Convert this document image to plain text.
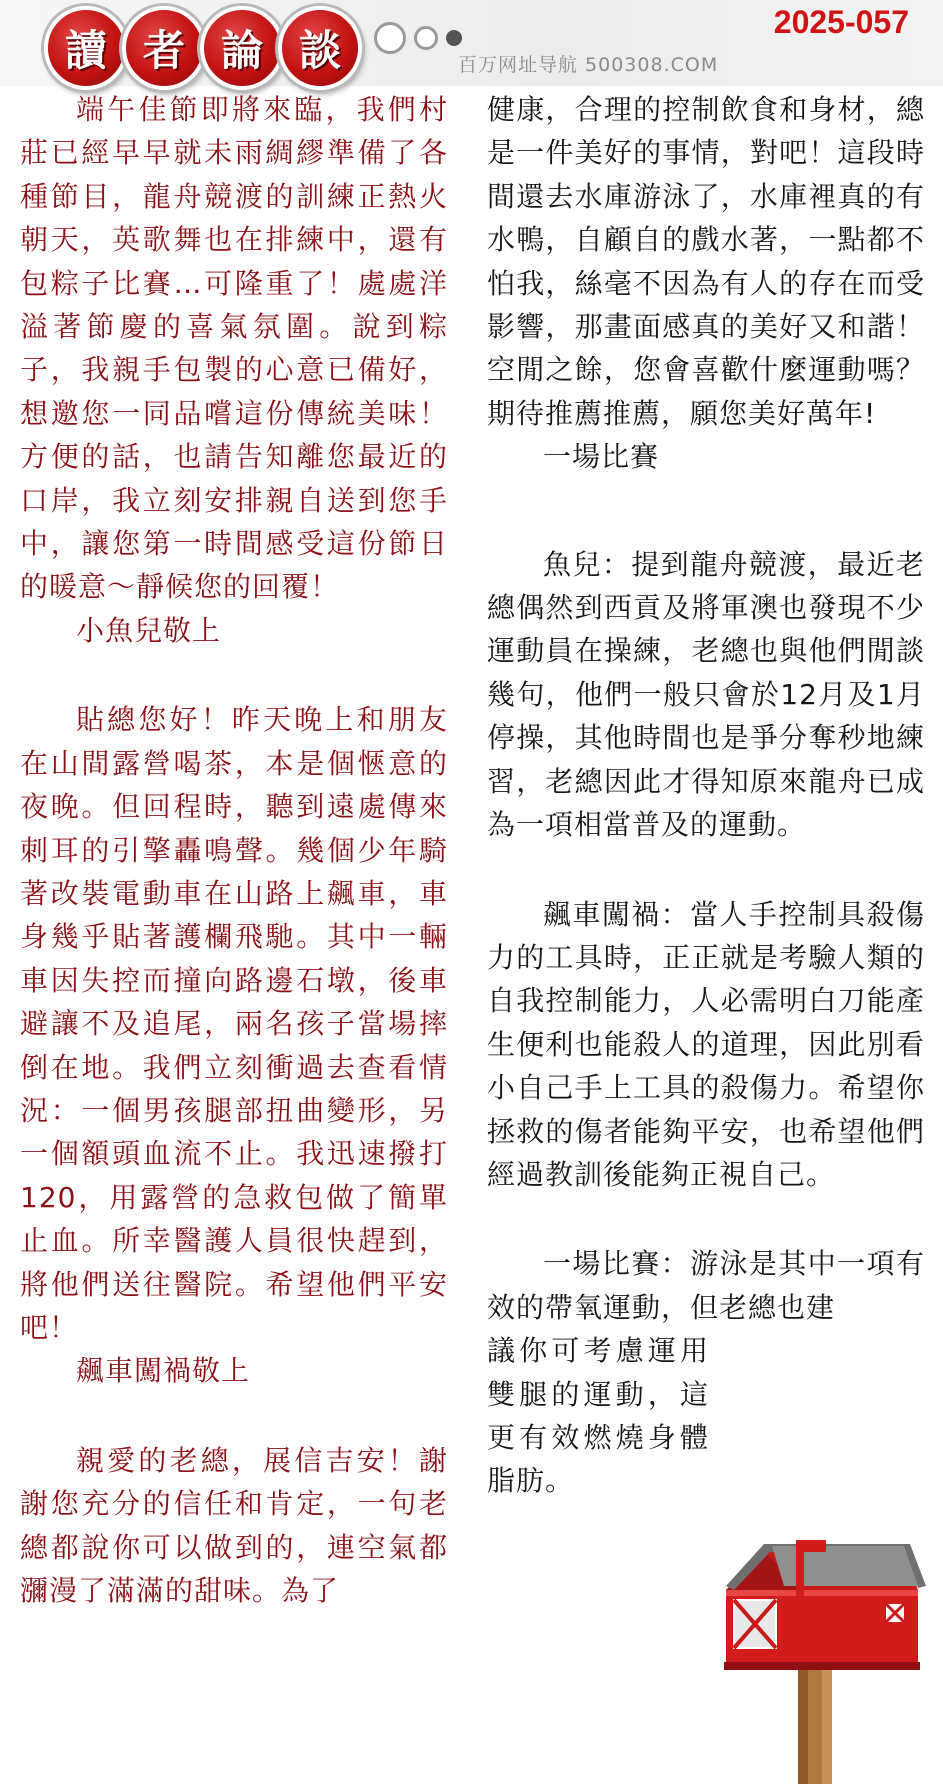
讀 者 論 談
2025-057
百万网址导航 500308.COM

端午佳節即將來臨，我們村莊已經早早就未雨綢繆準備了各種節目，龍舟競渡的訓練正熱火朝天，英歌舞也在排練中，還有包粽子比賽…可隆重了！處處洋溢著節慶的喜氣氛圍。說到粽子，我親手包製的心意已備好，想邀您一同品嚐這份傳統美味！方便的話，也請告知離您最近的口岸，我立刻安排親自送到您手中，讓您第一時間感受這份節日的暖意～靜候您的回覆！

小魚兒敬上

貼總您好！昨天晚上和朋友在山間露營喝茶，本是個愜意的夜晚。但回程時，聽到遠處傳來刺耳的引擎轟鳴聲。幾個少年騎著改裝電動車在山路上飆車，車身幾乎貼著護欄飛馳。其中一輛車因失控而撞向路邊石墩，後車避讓不及追尾，兩名孩子當場摔倒在地。我們立刻衝過去查看情況：一個男孩腿部扭曲變形，另一個額頭血流不止。我迅速撥打120，用露營的急救包做了簡單止血。所幸醫護人員很快趕到，將他們送往醫院。希望他們平安吧！

飆車闖禍敬上

親愛的老總，展信吉安！謝謝您充分的信任和肯定，一句老總都說你可以做到的，連空氣都瀰漫了滿滿的甜味。為了

健康，合理的控制飲食和身材，總是一件美好的事情，對吧！這段時間還去水庫游泳了，水庫裡真的有水鴨，自顧自的戲水著，一點都不怕我，絲毫不因為有人的存在而受影響，那畫面感真的美好又和諧！空閒之餘，您會喜歡什麼運動嗎？期待推薦推薦，願您美好萬年!

一場比賽

魚兒：提到龍舟競渡，最近老總偶然到西貢及將軍澳也發現不少運動員在操練，老總也與他們閒談幾句，他們一般只會於12月及1月停操，其他時間也是爭分奪秒地練習，老總因此才得知原來龍舟已成為一項相當普及的運動。

飆車闖禍：當人手控制具殺傷力的工具時，正正就是考驗人類的自我控制能力，人必需明白刀能產生便利也能殺人的道理，因此別看小自己手上工具的殺傷力。希望你拯救的傷者能夠平安，也希望他們經過教訓後能夠正視自己。

一場比賽：游泳是其中一項有效的帶氧運動，但老總也建

議你可考慮運用雙腿的運動，這更有效燃燒身體脂肪。
